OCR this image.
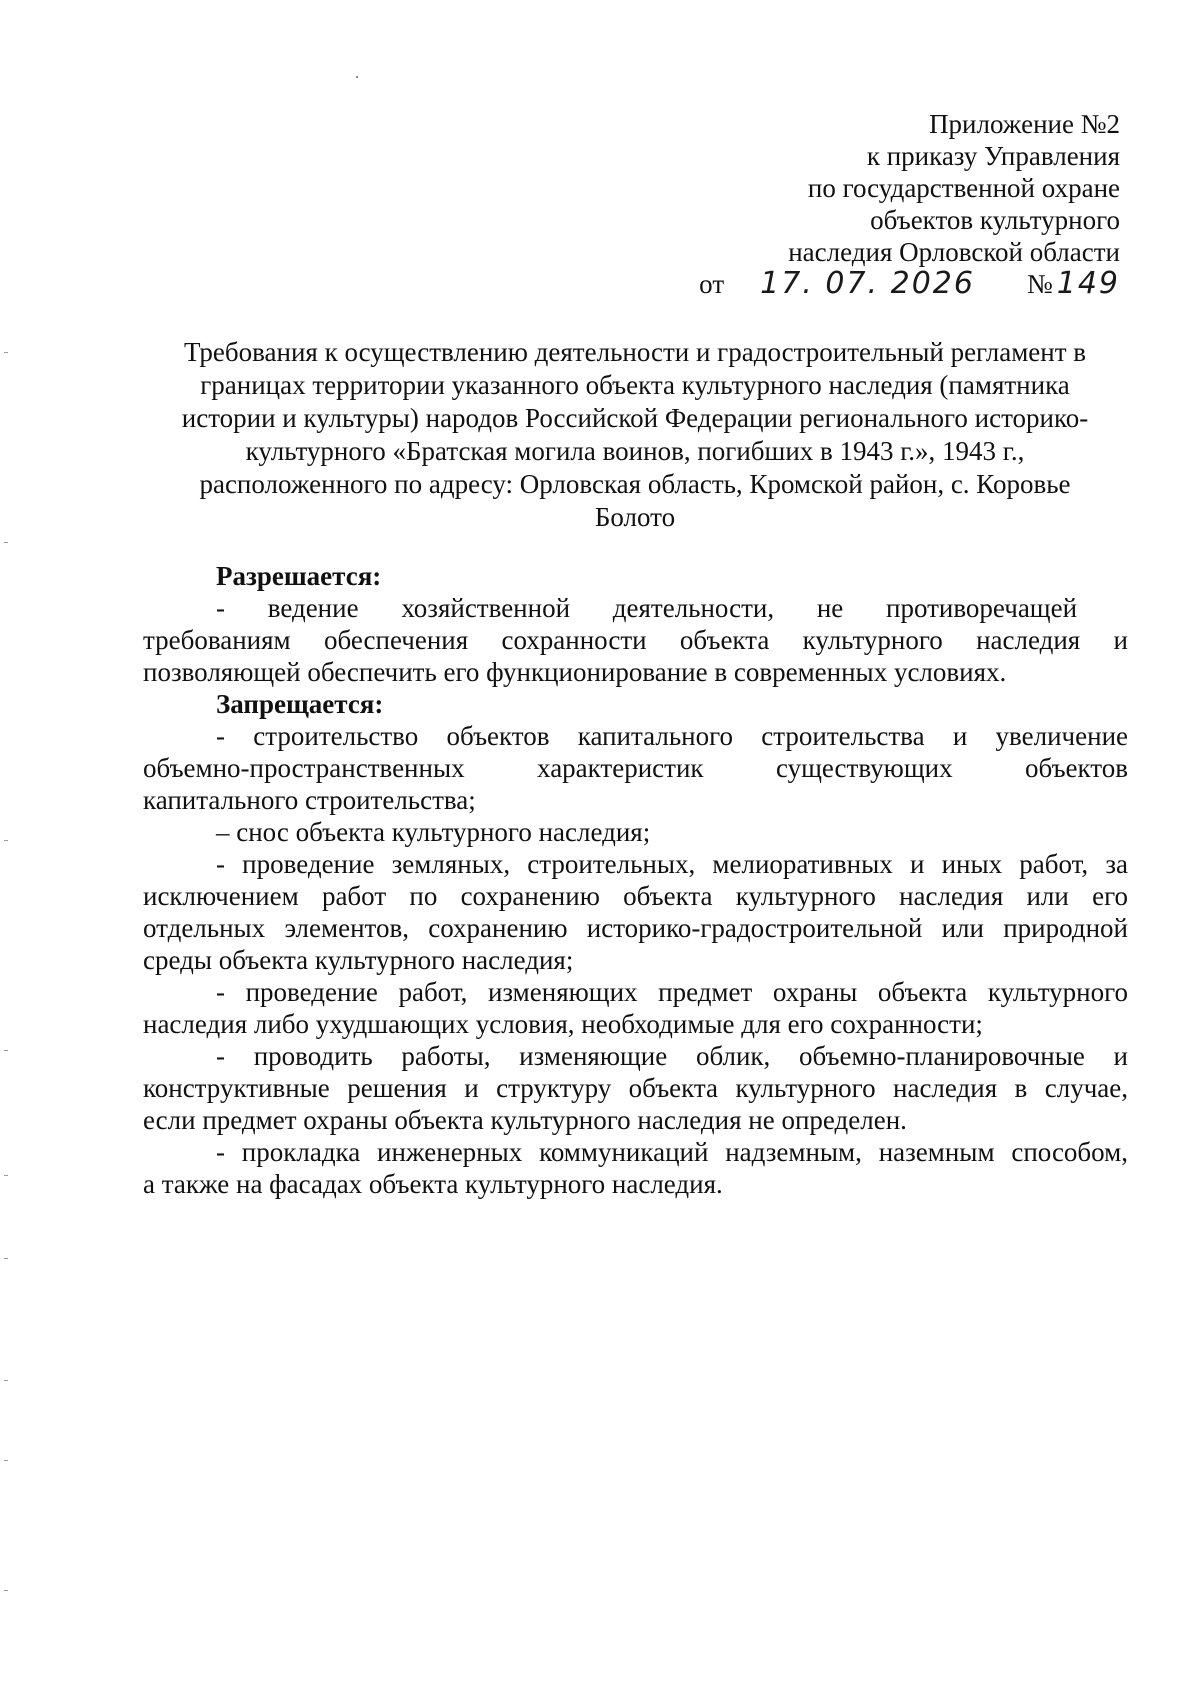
Приложение №2
к приказу Управления
по государственной охране
объектов культурного
наследия Орловской области
от 17. 07. 2026 № 149
Требования к осуществлению деятельности и градостроительный регламент в
границах территории указанного объекта культурного наследия (памятника
истории и культуры) народов Российской Федерации регионального историко-
культурного «Братская могила воинов, погибших в 1943 г.», 1943 г.,
расположенного по адресу: Орловская область, Кромской район, с. Коровье
Болото
Разрешается:
- ведение хозяйственной деятельности, не противоречащей
требованиям обеспечения сохранности объекта культурного наследия и
позволяющей обеспечить его функционирование в современных условиях.
Запрещается:
- строительство объектов капитального строительства и увеличение
объемно-пространственных характеристик существующих объектов
капитального строительства;
– снос объекта культурного наследия;
- проведение земляных, строительных, мелиоративных и иных работ, за
исключением работ по сохранению объекта культурного наследия или его
отдельных элементов, сохранению историко-градостроительной или природной
среды объекта культурного наследия;
- проведение работ, изменяющих предмет охраны объекта культурного
наследия либо ухудшающих условия, необходимые для его сохранности;
- проводить работы, изменяющие облик, объемно-планировочные и
конструктивные решения и структуру объекта культурного наследия в случае,
если предмет охраны объекта культурного наследия не определен.
- прокладка инженерных коммуникаций надземным, наземным способом,
а также на фасадах объекта культурного наследия.
